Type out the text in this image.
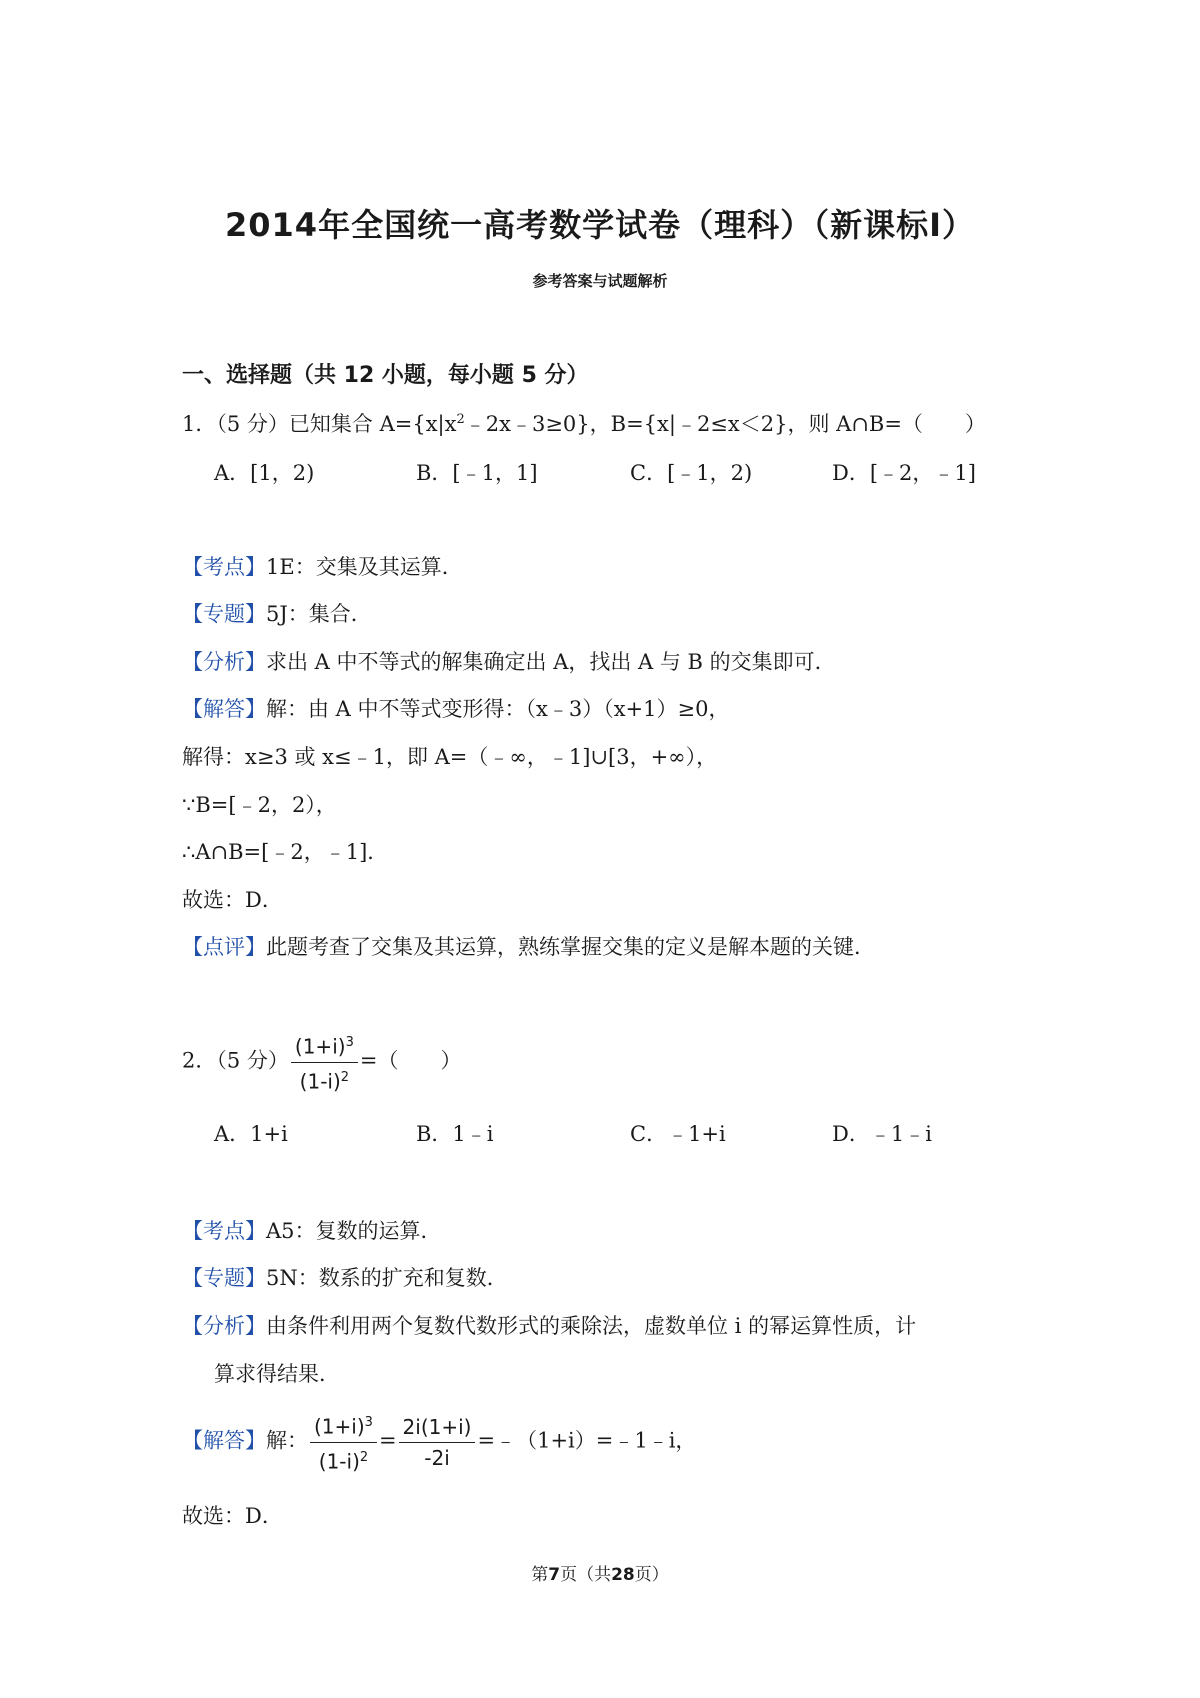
2014年全国统一高考数学试卷（理科）（新课标Ⅰ）
参考答案与试题解析
一、选择题（共 12 小题，每小题 5 分）
1．（5 分）已知集合 $A=\{x|x^2﹣2x﹣3\ge 0\}$，B={x|﹣2≤x＜2}，则 A∩B=（　　）
A．[1，2)	B．[﹣1，1]	C．[﹣1，2)	D．[﹣2，﹣1]
【考点】1E：交集及其运算．
【专题】5J：集合．
【分析】求出 A 中不等式的解集确定出 A，找出 A 与 B 的交集即可．
【解答】解：由 A 中不等式变形得：（x﹣3）（x+1）≥0，
解得：x≥3 或 x≤﹣1，即 A=（﹣∞，﹣1]∪[3，+∞），
∵B=[﹣2，2），
∴A∩B=[﹣2，﹣1]．
故选：D．
【点评】此题考查了交集及其运算，熟练掌握交集的定义是解本题的关键．
2．（5 分） $\frac{(1+i)^3}{(1-i)^2}$ =（　　）
A．1+i	B．1﹣i	C．﹣1+i	D．﹣1﹣i
【考点】A5：复数的运算．
【专题】5N：数系的扩充和复数．
【分析】由条件利用两个复数代数形式的乘除法，虚数单位 i 的幂运算性质，计
算求得结果．
【解答】解： $\frac{(1+i)^3}{(1-i)^2} = \frac{2i(1+i)}{-2i}$ =﹣（1+i）=﹣1﹣i，
故选：D．
第7页（共28页）
